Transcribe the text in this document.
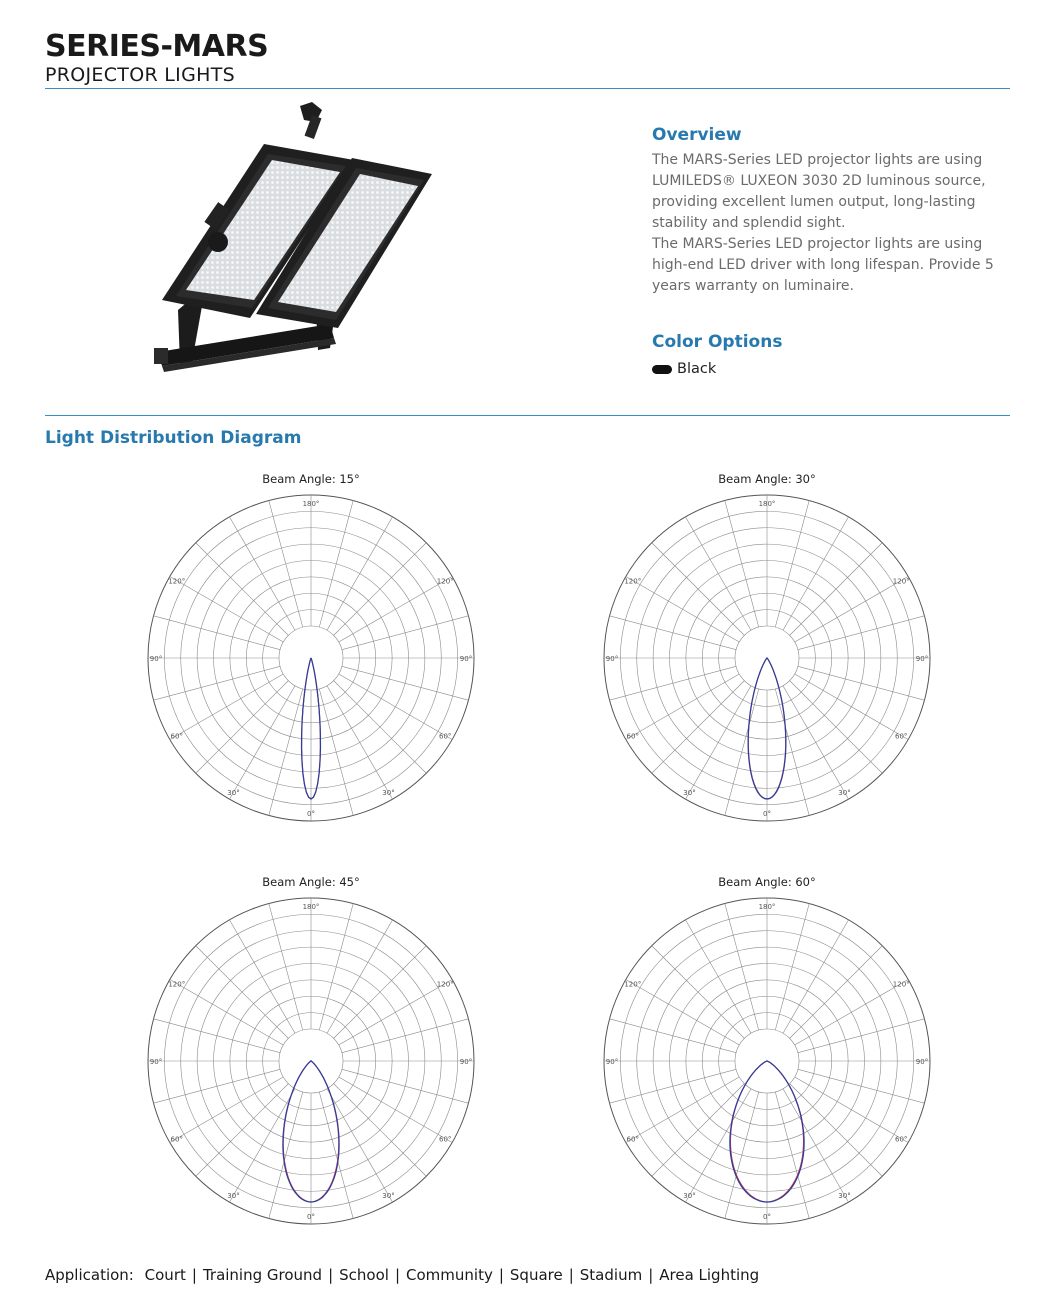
SERIES-MARS
PROJECTOR LIGHTS
Overview

The MARS-Series LED projector lights are using LUMILEDS® LUXEON 3030 2D luminous source, providing excellent lumen output, long-lasting stability and splendid sight.

The MARS-Series LED projector lights are using high-end LED driver with long lifespan. Provide 5 years warranty on luminaire.

Color Options
Black
Light Distribution Diagram
Beam Angle: 15°
180°
120°
120°
90°
90°
60°
60°
30°
30°
0°
Beam Angle: 30°
180°
120°
120°
90°
90°
60°
60°
30°
30°
0°
Beam Angle: 45°
180°
120°
120°
90°
90°
60°
60°
30°
30°
0°
Beam Angle: 60°
180°
120°
120°
90°
90°
60°
60°
30°
30°
0°
Application: Court | Training Ground | School | Community | Square | Stadium | Area Lighting
